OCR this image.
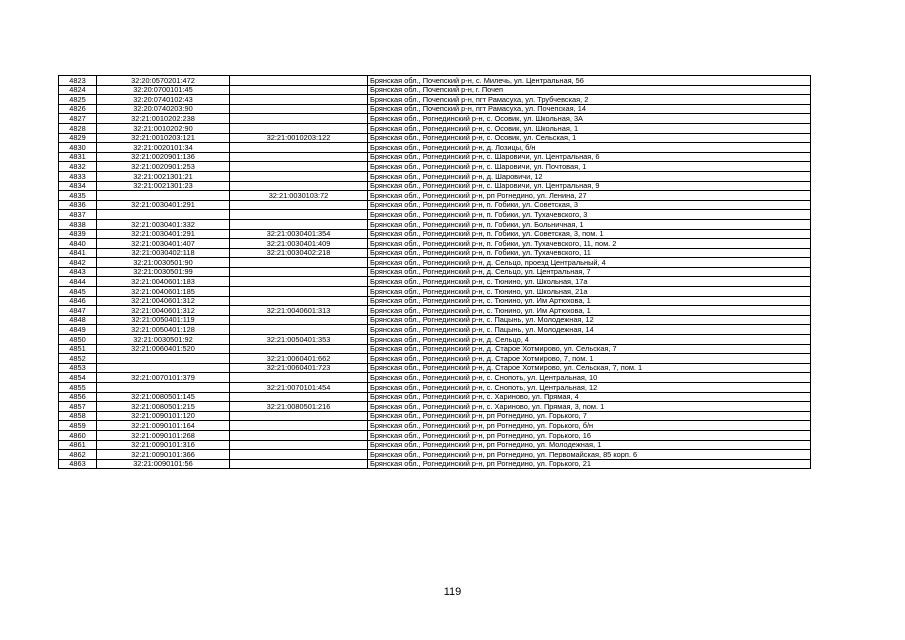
4823	32:20:0570201:472		Брянская обл., Почепский р-н, с. Милечь, ул. Центральная, 56
4824	32:20:0700101:45		Брянская обл., Почепский р-н, г. Почеп
4825	32:20:0740102:43		Брянская обл., Почепский р-н, пгт Рамасуха, ул. Трубчевская, 2
4826	32:20:0740203:90		Брянская обл., Почепский р-н, пгт Рамасуха, ул. Почепская, 14
4827	32:21:0010202:238		Брянская обл., Рогнединский р-н, с. Осовик, ул. Школьная, 3А
4828	32:21:0010202:90		Брянская обл., Рогнединский р-н, с. Осовик, ул. Школьная, 1
4829	32:21:0010203:121	32:21:0010203:122	Брянская обл., Рогнединский р-н, с. Осовик, ул. Сельская, 1
4830	32:21:0020101:34		Брянская обл., Рогнединский р-н, д. Лозицы, б/н
4831	32:21:0020901:136		Брянская обл., Рогнединский р-н, с. Шаровичи, ул. Центральная, 6
4832	32:21:0020901:253		Брянская обл., Рогнединский р-н, с. Шаровичи, ул. Почтовая, 1
4833	32:21:0021301:21		Брянская обл., Рогнединский р-н, д. Шаровичи, 12
4834	32:21:0021301:23		Брянская обл., Рогнединский р-н, с. Шаровичи, ул. Центральная, 9
4835		32:21:0030103:72	Брянская обл., Рогнединский р-н, рп Рогнедино, ул. Ленина, 27
4836	32:21:0030401:291		Брянская обл., Рогнединский р-н, п. Гобики, ул. Советская, 3
4837			Брянская обл., Рогнединский р-н, п. Гобики, ул. Тухачевского, 3
4838	32:21:0030401:332		Брянская обл., Рогнединский р-н, п. Гобики, ул. Больничная, 1
4839	32:21:0030401:291	32:21:0030401:354	Брянская обл., Рогнединский р-н, п. Гобики, ул. Советская, 3, пом. 1
4840	32:21:0030401:407	32:21:0030401:409	Брянская обл., Рогнединский р-н, п. Гобики, ул. Тухачевского, 11, пом. 2
4841	32:21:0030402:118	32:21:0030402:218	Брянская обл., Рогнединский р-н, п. Гобики, ул. Тухачевского, 11
4842	32:21:0030501:90		Брянская обл., Рогнединский р-н, д. Сельцо, проезд Центральный, 4
4843	32:21:0030501:99		Брянская обл., Рогнединский р-н, д. Сельцо, ул. Центральная, 7
4844	32:21:0040601:183		Брянская обл., Рогнединский р-н, с. Тюнино, ул. Школьная, 17а
4845	32:21:0040601:185		Брянская обл., Рогнединский р-н, с. Тюнино, ул. Школьная, 21а
4846	32:21:0040601:312		Брянская обл., Рогнединский р-н, с. Тюнино, ул. Им Артюхова, 1
4847	32:21:0040601:312	32:21:0040601:313	Брянская обл., Рогнединский р-н, с. Тюнино, ул. Им Артюхова, 1
4848	32:21:0050401:119		Брянская обл., Рогнединский р-н, с. Пацынь, ул. Молодежная, 12
4849	32:21:0050401:128		Брянская обл., Рогнединский р-н, с. Пацынь, ул. Молодежная, 14
4850	32:21:0030501:92	32:21:0050401:353	Брянская обл., Рогнединский р-н, д. Сельцо, 4
4851	32:21:0060401:520		Брянская обл., Рогнединский р-н, д. Старое Хотмирово, ул. Сельская, 7
4852		32:21:0060401:662	Брянская обл., Рогнединский р-н, д. Старое Хотмирово, 7, пом. 1
4853		32:21:0060401:723	Брянская обл., Рогнединский р-н, д. Старое Хотмирово, ул. Сельская, 7, пом. 1
4854	32:21:0070101:379		Брянская обл., Рогнединский р-н, с. Снопоть, ул. Центральная, 10
4855		32:21:0070101:454	Брянская обл., Рогнединский р-н, с. Снопоть, ул. Центральная, 12
4856	32:21:0080501:145		Брянская обл., Рогнединский р-н, с. Хариново, ул. Прямая, 4
4857	32:21:0080501:215	32:21:0080501:216	Брянская обл., Рогнединский р-н, с. Хариново, ул. Прямая, 3, пом. 1
4858	32:21:0090101:120		Брянская обл., Рогнединский р-н, рп Рогнедино, ул. Горького, 7
4859	32:21:0090101:164		Брянская обл., Рогнединский р-н, рп Рогнедино, ул. Горького, б/н
4860	32:21:0090101:268		Брянская обл., Рогнединский р-н, рп Рогнедино, ул. Горького, 16
4861	32:21:0090101:316		Брянская обл., Рогнединский р-н, рп Рогнедино, ул. Молодежная, 1
4862	32:21:0090101:366		Брянская обл., Рогнединский р-н, рп Рогнедино, ул. Первомайская, 85 корп. 6
4863	32:21:0090101:56		Брянская обл., Рогнединский р-н, рп Рогнедино, ул. Горького, 21
119
